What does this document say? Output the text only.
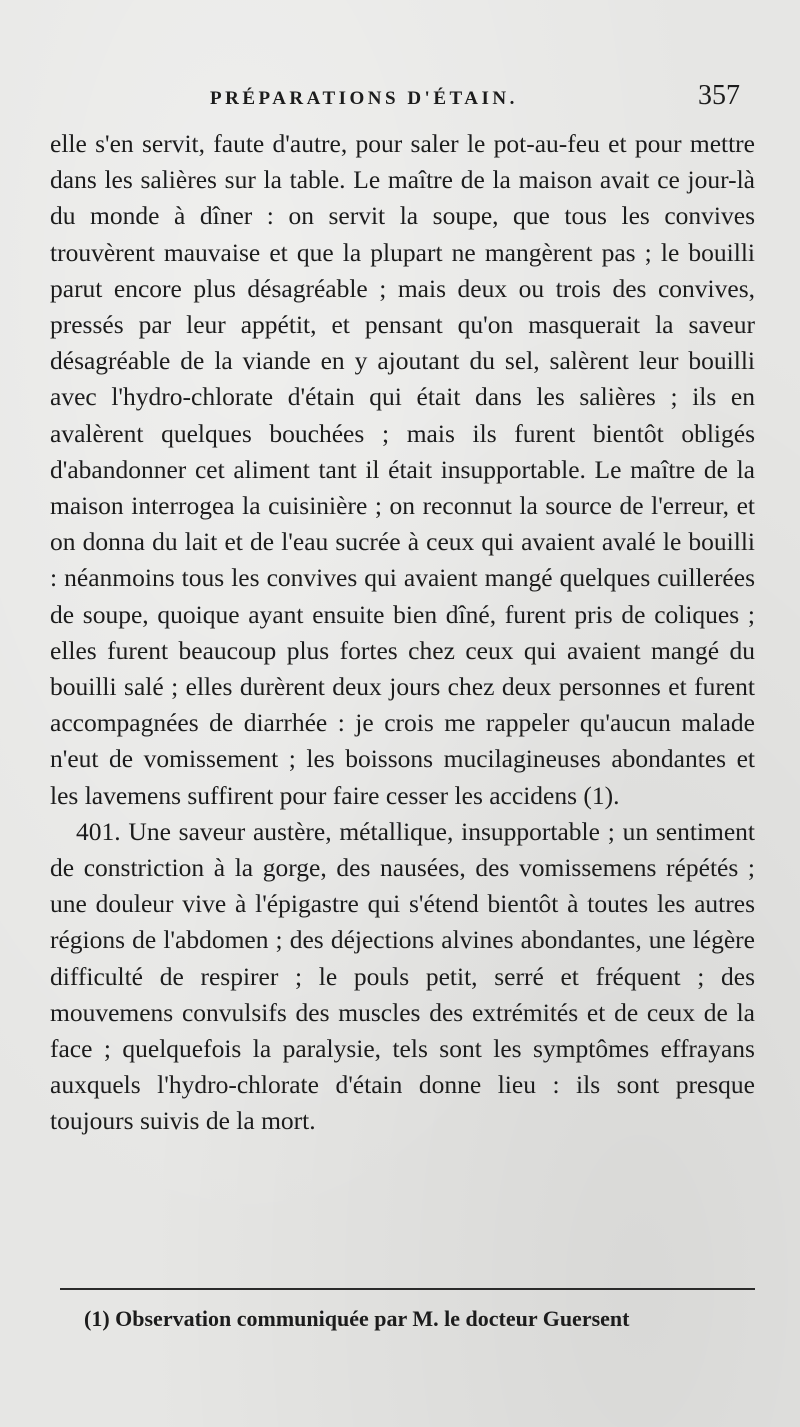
PRÉPARATIONS D'ÉTAIN.	357

elle s'en servit, faute d'autre, pour saler le pot-au-feu et pour mettre dans les salières sur la table. Le maître de la maison avait ce jour-là du monde à dîner : on servit la soupe, que tous les convives trouvèrent mauvaise et que la plupart ne mangèrent pas ; le bouilli parut encore plus désagréable ; mais deux ou trois des convives, pressés par leur appétit, et pensant qu'on masquerait la saveur désagréable de la viande en y ajoutant du sel, salèrent leur bouilli avec l'hydro-chlorate d'étain qui était dans les salières ; ils en avalèrent quelques bouchées ; mais ils furent bientôt obligés d'abandonner cet aliment tant il était insupportable. Le maître de la maison interrogea la cuisinière ; on reconnut la source de l'erreur, et on donna du lait et de l'eau sucrée à ceux qui avaient avalé le bouilli : néanmoins tous les convives qui avaient mangé quelques cuillerées de soupe, quoique ayant ensuite bien dîné, furent pris de coliques ; elles furent beaucoup plus fortes chez ceux qui avaient mangé du bouilli salé ; elles durèrent deux jours chez deux personnes et furent accompagnées de diarrhée : je crois me rappeler qu'aucun malade n'eut de vomissement ; les boissons mucilagineuses abondantes et les lavemens suffirent pour faire cesser les accidens (1).

401. Une saveur austère, métallique, insupportable ; un sentiment de constriction à la gorge, des nausées, des vomissemens répétés ; une douleur vive à l'épigastre qui s'étend bientôt à toutes les autres régions de l'abdomen ; des déjections alvines abondantes, une légère difficulté de respirer ; le pouls petit, serré et fréquent ; des mouvemens convulsifs des muscles des extrémités et de ceux de la face ; quelquefois la paralysie, tels sont les symptômes effrayans auxquels l'hydro-chlorate d'étain donne lieu : ils sont presque toujours suivis de la mort.

(1) Observation communiquée par M. le docteur Guersent
